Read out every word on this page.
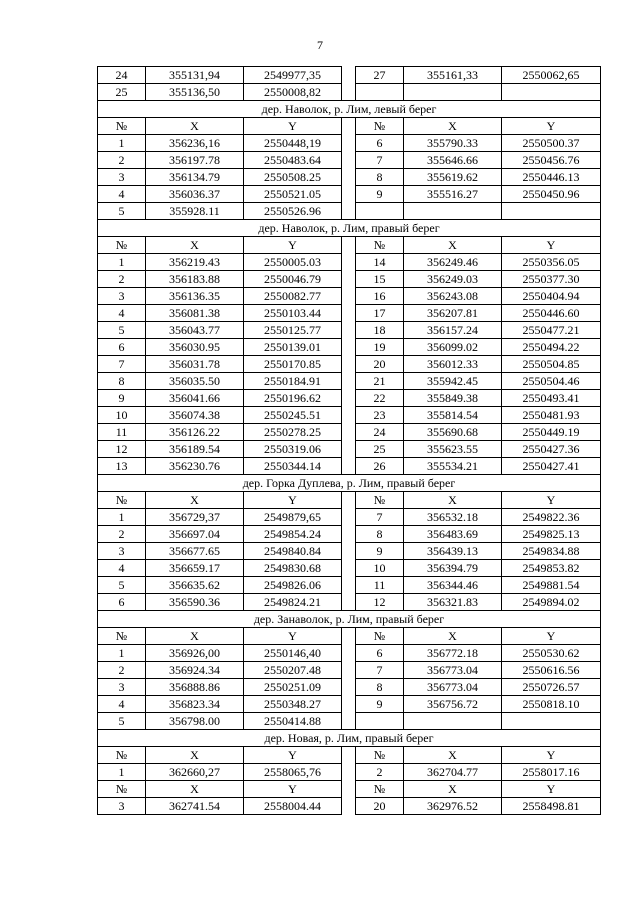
7
24	355131,94	2549977,35		27	355161,33	2550062,65
25	355136,50	2550008,82				
дер. Наволок, р. Лим, левый берег						
№	X	Y		№	X	Y
1	356236,16	2550448,19		6	355790.33	2550500.37
2	356197.78	2550483.64		7	355646.66	2550456.76
3	356134.79	2550508.25		8	355619.62	2550446.13
4	356036.37	2550521.05		9	355516.27	2550450.96
5	355928.11	2550526.96				
дер. Наволок, р. Лим, правый берег						
№	X	Y		№	X	Y
1	356219.43	2550005.03		14	356249.46	2550356.05
2	356183.88	2550046.79		15	356249.03	2550377.30
3	356136.35	2550082.77		16	356243.08	2550404.94
4	356081.38	2550103.44		17	356207.81	2550446.60
5	356043.77	2550125.77		18	356157.24	2550477.21
6	356030.95	2550139.01		19	356099.02	2550494.22
7	356031.78	2550170.85		20	356012.33	2550504.85
8	356035.50	2550184.91		21	355942.45	2550504.46
9	356041.66	2550196.62		22	355849.38	2550493.41
10	356074.38	2550245.51		23	355814.54	2550481.93
11	356126.22	2550278.25		24	355690.68	2550449.19
12	356189.54	2550319.06		25	355623.55	2550427.36
13	356230.76	2550344.14		26	355534.21	2550427.41
дер. Горка Дуплева, р. Лим, правый берег						
№	X	Y		№	X	Y
1	356729,37	2549879,65		7	356532.18	2549822.36
2	356697.04	2549854.24		8	356483.69	2549825.13
3	356677.65	2549840.84		9	356439.13	2549834.88
4	356659.17	2549830.68		10	356394.79	2549853.82
5	356635.62	2549826.06		11	356344.46	2549881.54
6	356590.36	2549824.21		12	356321.83	2549894.02
дер. Занаволок, р. Лим, правый берег						
№	X	Y		№	X	Y
1	356926,00	2550146,40		6	356772.18	2550530.62
2	356924.34	2550207.48		7	356773.04	2550616.56
3	356888.86	2550251.09		8	356773.04	2550726.57
4	356823.34	2550348.27		9	356756.72	2550818.10
5	356798.00	2550414.88				
дер. Новая, р. Лим, правый берег						
№	X	Y		№	X	Y
1	362660,27	2558065,76		2	362704.77	2558017.16
№	X	Y		№	X	Y
3	362741.54	2558004.44		20	362976.52	2558498.81
